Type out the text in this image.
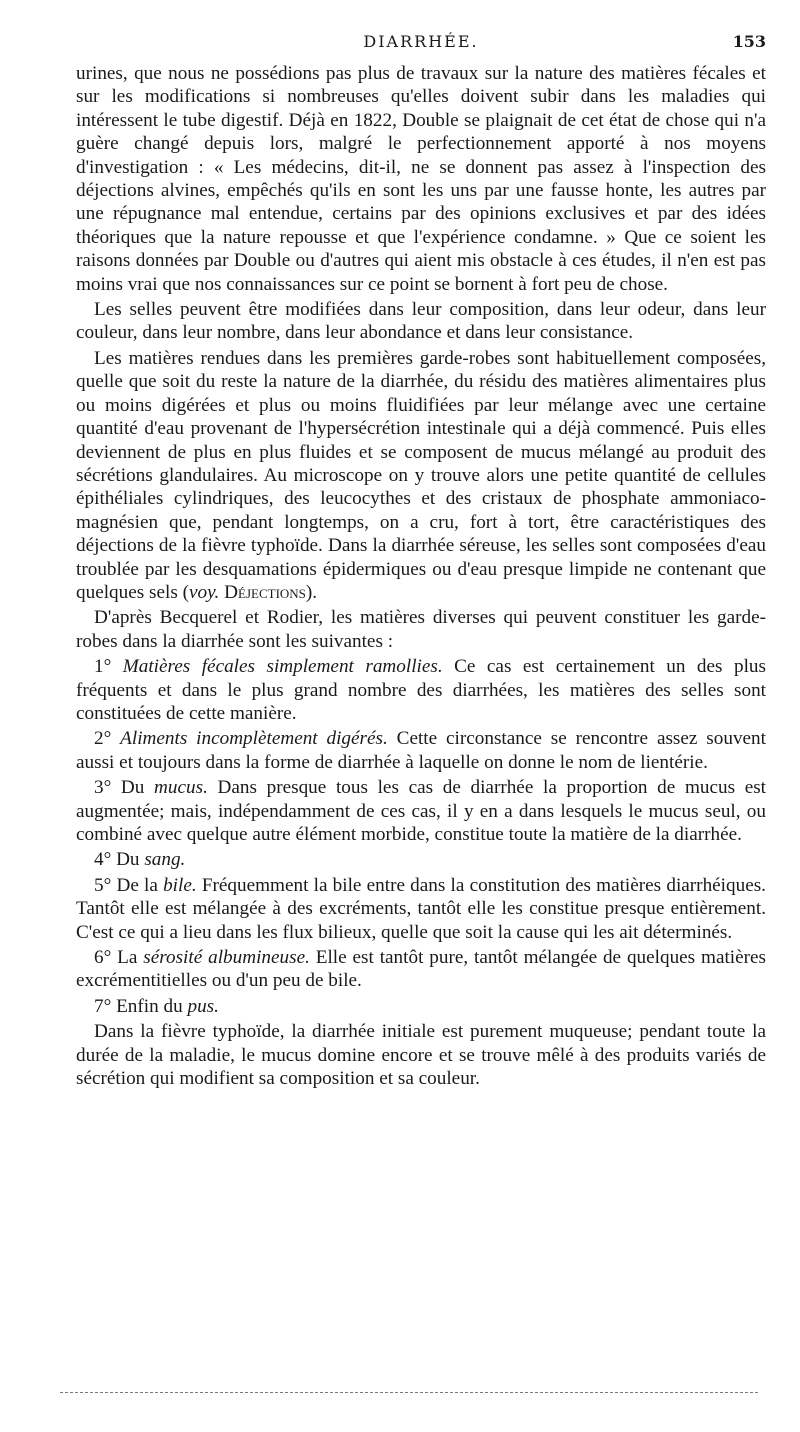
DIARRHÉE.	153

urines, que nous ne possédions pas plus de travaux sur la nature des matières fécales et sur les modifications si nombreuses qu'elles doivent subir dans les maladies qui intéressent le tube digestif. Déjà en 1822, Double se plaignait de cet état de chose qui n'a guère changé depuis lors, malgré le perfectionnement apporté à nos moyens d'investigation : « Les médecins, dit-il, ne se donnent pas assez à l'inspection des déjections alvines, empêchés qu'ils en sont les uns par une fausse honte, les autres par une répugnance mal entendue, certains par des opinions exclusives et par des idées théoriques que la nature repousse et que l'expérience condamne. » Que ce soient les raisons données par Double ou d'autres qui aient mis obstacle à ces études, il n'en est pas moins vrai que nos connaissances sur ce point se bornent à fort peu de chose.

Les selles peuvent être modifiées dans leur composition, dans leur odeur, dans leur couleur, dans leur nombre, dans leur abondance et dans leur consistance.

Les matières rendues dans les premières garde-robes sont habituellement composées, quelle que soit du reste la nature de la diarrhée, du résidu des matières alimentaires plus ou moins digérées et plus ou moins fluidifiées par leur mélange avec une certaine quantité d'eau provenant de l'hypersécrétion intestinale qui a déjà commencé. Puis elles deviennent de plus en plus fluides et se composent de mucus mélangé au produit des sécrétions glandulaires. Au microscope on y trouve alors une petite quantité de cellules épithéliales cylindriques, des leucocythes et des cristaux de phosphate ammoniaco-magnésien que, pendant longtemps, on a cru, fort à tort, être caractéristiques des déjections de la fièvre typhoïde. Dans la diarrhée séreuse, les selles sont composées d'eau troublée par les desquamations épidermiques ou d'eau presque limpide ne contenant que quelques sels (voy. Déjections).

D'après Becquerel et Rodier, les matières diverses qui peuvent constituer les garde-robes dans la diarrhée sont les suivantes :

1° Matières fécales simplement ramollies. Ce cas est certainement un des plus fréquents et dans le plus grand nombre des diarrhées, les matières des selles sont constituées de cette manière.

2° Aliments incomplètement digérés. Cette circonstance se rencontre assez souvent aussi et toujours dans la forme de diarrhée à laquelle on donne le nom de lientérie.

3° Du mucus. Dans presque tous les cas de diarrhée la proportion de mucus est augmentée; mais, indépendamment de ces cas, il y en a dans lesquels le mucus seul, ou combiné avec quelque autre élément morbide, constitue toute la matière de la diarrhée.

4° Du sang.

5° De la bile. Fréquemment la bile entre dans la constitution des matières diarrhéiques. Tantôt elle est mélangée à des excréments, tantôt elle les constitue presque entièrement. C'est ce qui a lieu dans les flux bilieux, quelle que soit la cause qui les ait déterminés.

6° La sérosité albumineuse. Elle est tantôt pure, tantôt mélangée de quelques matières excrémentitielles ou d'un peu de bile.

7° Enfin du pus.

Dans la fièvre typhoïde, la diarrhée initiale est purement muqueuse; pendant toute la durée de la maladie, le mucus domine encore et se trouve mêlé à des produits variés de sécrétion qui modifient sa composition et sa couleur.
